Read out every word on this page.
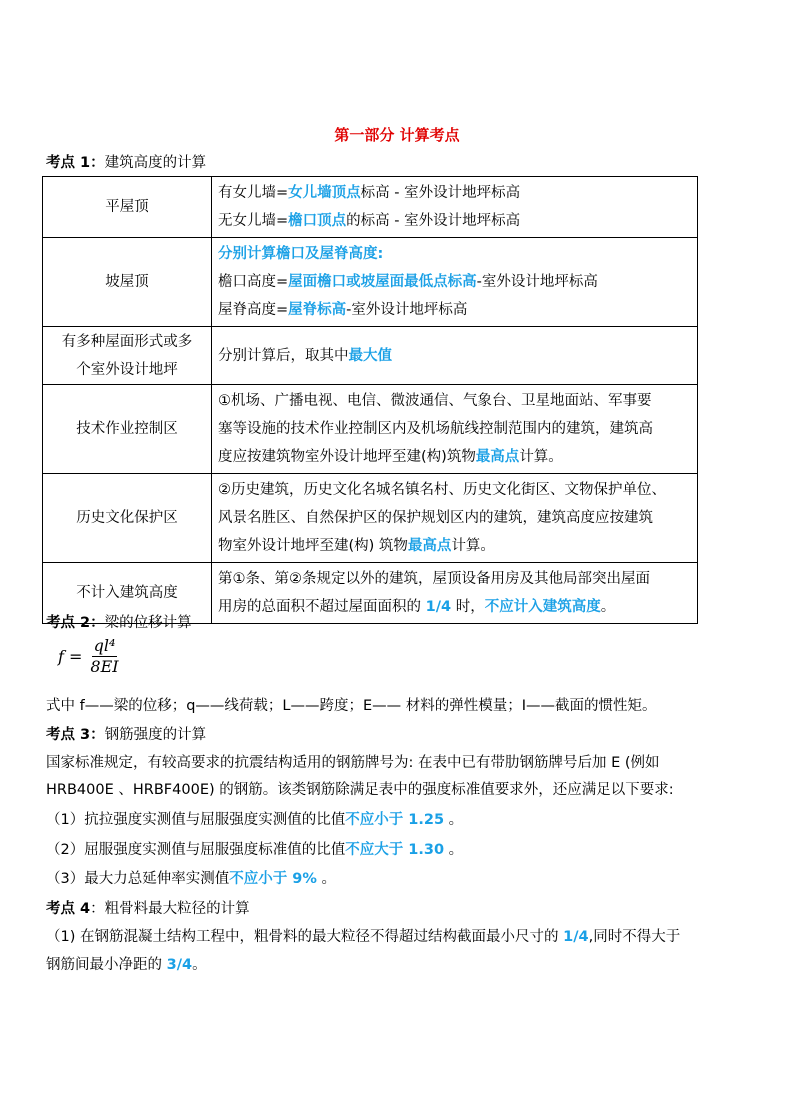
第一部分 计算考点
考点 1：建筑高度的计算
平屋顶	有女儿墙=女儿墙顶点标高 - 室外设计地坪标高
无女儿墙=檐口顶点的标高 - 室外设计地坪标高

坡屋顶	分别计算檐口及屋脊高度:
檐口高度=屋面檐口或坡屋面最低点标高-室外设计地坪标高
屋脊高度=屋脊标高-室外设计地坪标高

有多种屋面形式或多
个室外设计地坪	分别计算后，取其中最大值

技术作业控制区	①机场、广播电视、电信、微波通信、气象台、卫星地面站、军事要
塞等设施的技术作业控制区内及机场航线控制范围内的建筑，建筑高
度应按建筑物室外设计地坪至建(构)筑物最高点计算。

历史文化保护区	②历史建筑，历史文化名城名镇名村、历史文化街区、文物保护单位、
风景名胜区、自然保护区的保护规划区内的建筑，建筑高度应按建筑
物室外设计地坪至建(构) 筑物最高点计算。

不计入建筑高度	第①条、第②条规定以外的建筑，屋顶设备用房及其他局部突出屋面
用房的总面积不超过屋面面积的 1/4 时，不应计入建筑高度。
考点 2：梁的位移计算
$f = \frac{\text{ql⁴}}{8EI}$
式中 f——梁的位移；q——线荷载；L——跨度；E—— 材料的弹性模量；I——截面的惯性矩。
考点 3：钢筋强度的计算
国家标准规定，有较高要求的抗震结构适用的钢筋牌号为: 在表中已有带肋钢筋牌号后加 E (例如
HRB400E 、HRBF400E) 的钢筋。该类钢筋除满足表中的强度标准值要求外，还应满足以下要求:
（1）抗拉强度实测值与屈服强度实测值的比值不应小于 1.25 。
（2）屈服强度实测值与屈服强度标准值的比值不应大于 1.30 。
（3）最大力总延伸率实测值不应小于 9% 。
考点 4：粗骨料最大粒径的计算
（1) 在钢筋混凝土结构工程中，粗骨料的最大粒径不得超过结构截面最小尺寸的 1/4,同时不得大于
钢筋间最小净距的 3/4。
